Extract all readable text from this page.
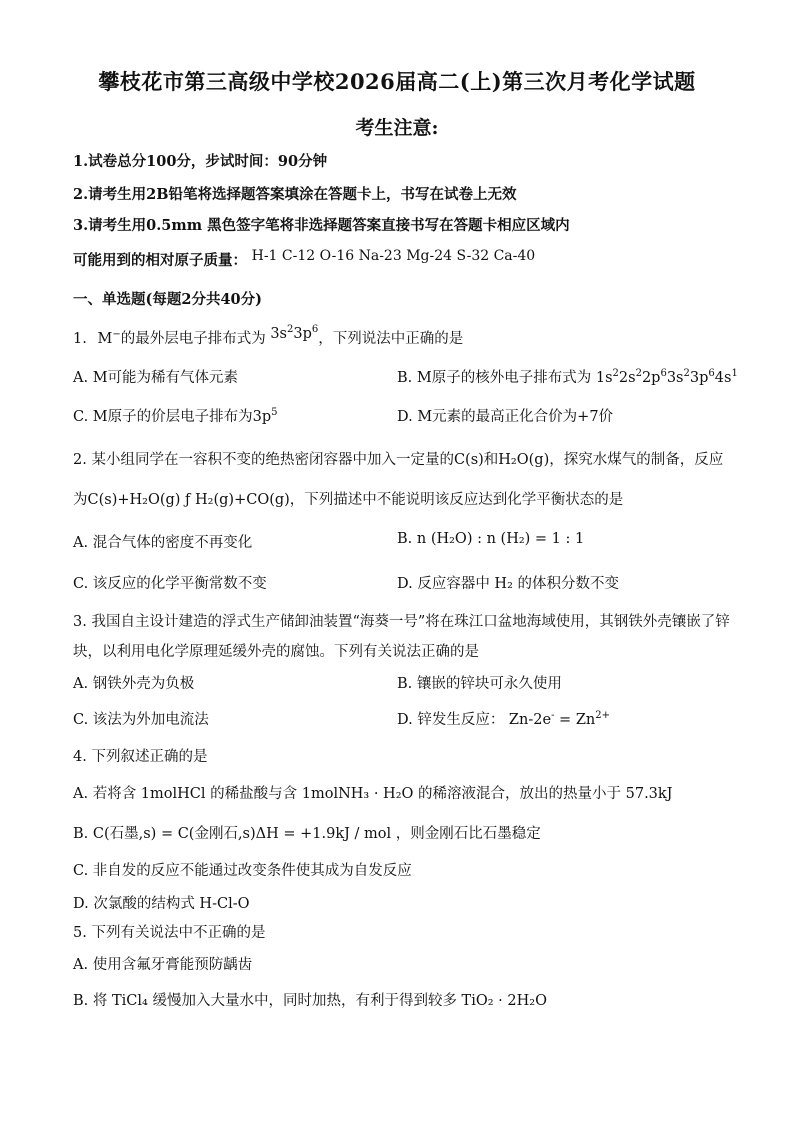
攀枝花市第三高级中学校2026届高二(上)第三次月考化学试题
考生注意:
1.试卷总分100分，步试时间：90分钟
2.请考生用2B铅笔将选择题答案填涂在答题卡上，书写在试卷上无效
3.请考生用0.5mm 黑色签字笔将非选择题答案直接书写在答题卡相应区域内
可能用到的相对原子质量： H-1 C-12 O-16 Na-23 Mg-24 S-32 Ca-40
一、单选题(每题2分共40分)
1. M−的最外层电子排布式为 $3s^23p^6$，下列说法中正确的是
A. M可能为稀有气体元素	B. M原子的核外电子排布式为 $1s^22s^22p^63s^23p^64s^1$
C. M原子的价层电子排布为$3p^5$	D. M元素的最高正化合价为+7价
2. 某小组同学在一容积不变的绝热密闭容器中加入一定量的C(s)和H₂O(g)，探究水煤气的制备，反应
为C(s)+H₂O(g) ƒ H₂(g)+CO(g)，下列描述中不能说明该反应达到化学平衡状态的是
A. 混合气体的密度不再变化	B. n (H₂O) : n (H₂) = 1 : 1
C. 该反应的化学平衡常数不变	D. 反应容器中 H₂ 的体积分数不变
3. 我国自主设计建造的浮式生产储卸油装置“海葵一号”将在珠江口盆地海域使用，其钢铁外壳镶嵌了锌
块，以利用电化学原理延缓外壳的腐蚀。下列有关说法正确的是
A. 钢铁外壳为负极	B. 镶嵌的锌块可永久使用
C. 该法为外加电流法	D. 锌发生反应： $Zn-2e^- = Zn^{2+}$
4. 下列叙述正确的是
A. 若将含 1molHCl 的稀盐酸与含 1molNH₃ · H₂O 的稀溶液混合，放出的热量小于 57.3kJ
B. C(石墨,s) = C(金刚石,s)ΔH = +1.9kJ / mol ，则金刚石比石墨稳定
C. 非自发的反应不能通过改变条件使其成为自发反应
D. 次氯酸的结构式 H-Cl-O
5. 下列有关说法中不正确的是
A. 使用含氟牙膏能预防龋齿
B. 将 TiCl₄ 缓慢加入大量水中，同时加热，有利于得到较多 TiO₂ · 2H₂O
